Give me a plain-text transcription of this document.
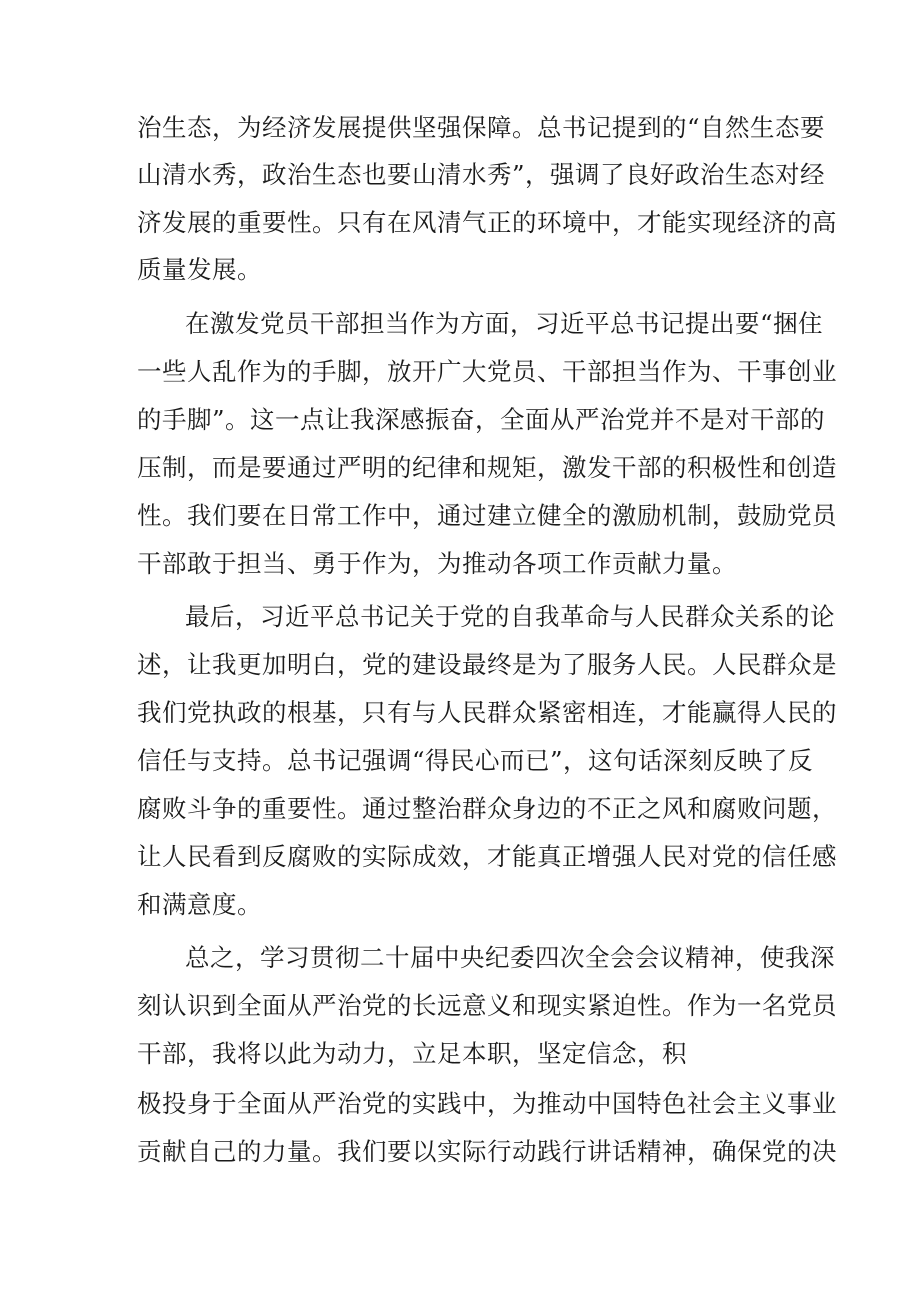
治生态，为经济发展提供坚强保障。总书记提到的“自然生态要
山清水秀，政治生态也要山清水秀”，强调了良好政治生态对经
济发展的重要性。只有在风清气正的环境中，才能实现经济的高
质量发展。
在激发党员干部担当作为方面，习近平总书记提出要“捆住
一些人乱作为的手脚，放开广大党员、干部担当作为、干事创业
的手脚”。这一点让我深感振奋，全面从严治党并不是对干部的
压制，而是要通过严明的纪律和规矩，激发干部的积极性和创造
性。我们要在日常工作中，通过建立健全的激励机制，鼓励党员
干部敢于担当、勇于作为，为推动各项工作贡献力量。
最后，习近平总书记关于党的自我革命与人民群众关系的论
述，让我更加明白，党的建设最终是为了服务人民。人民群众是
我们党执政的根基，只有与人民群众紧密相连，才能赢得人民的
信任与支持。总书记强调“得民心而已”，这句话深刻反映了反
腐败斗争的重要性。通过整治群众身边的不正之风和腐败问题，
让人民看到反腐败的实际成效，才能真正增强人民对党的信任感
和满意度。
总之，学习贯彻二十届中央纪委四次全会会议精神，使我深
刻认识到全面从严治党的长远意义和现实紧迫性。作为一名党员
干部，我将以此为动力，立足本职，坚定信念，积
极投身于全面从严治党的实践中，为推动中国特色社会主义事业
贡献自己的力量。我们要以实际行动践行讲话精神，确保党的决
